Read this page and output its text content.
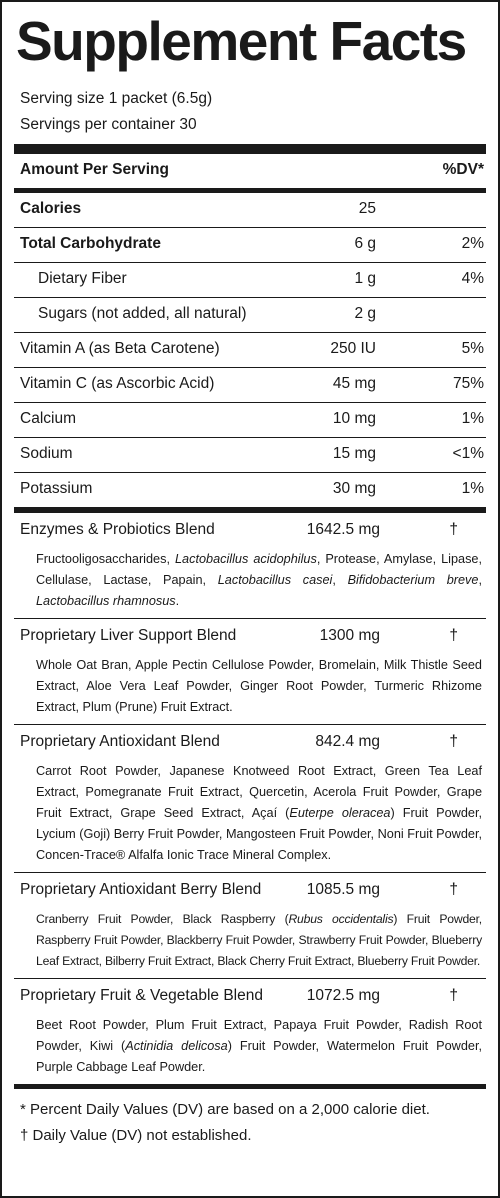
Supplement Facts
Serving size 1 packet (6.5g)
Servings per container 30
Amount Per Serving	%DV*
Calories	25
Total Carbohydrate	6 g	2%
Dietary Fiber	1 g	4%
Sugars (not added, all natural)	2 g
Vitamin A (as Beta Carotene)	250 IU	5%
Vitamin C (as Ascorbic Acid)	45 mg	75%
Calcium	10 mg	1%
Sodium	15 mg	<1%
Potassium	30 mg	1%
Enzymes & Probiotics Blend	1642.5 mg	†
Fructooligosaccharides, Lactobacillus acidophilus, Protease, Amylase, Lipase, Cellulase, Lactase, Papain, Lactobacillus casei, Bifidobacterium breve, Lactobacillus rhamnosus.
Proprietary Liver Support Blend	1300 mg	†
Whole Oat Bran, Apple Pectin Cellulose Powder, Bromelain, Milk Thistle Seed Extract, Aloe Vera Leaf Powder, Ginger Root Powder, Turmeric Rhizome Extract, Plum (Prune) Fruit Extract.
Proprietary Antioxidant Blend	842.4 mg	†
Carrot Root Powder, Japanese Knotweed Root Extract, Green Tea Leaf Extract, Pomegranate Fruit Extract, Quercetin, Acerola Fruit Powder, Grape Fruit Extract, Grape Seed Extract, Açaí (Euterpe oleracea) Fruit Powder, Lycium (Goji) Berry Fruit Powder, Mangosteen Fruit Powder, Noni Fruit Powder, Concen-Trace® Alfalfa Ionic Trace Mineral Complex.
Proprietary Antioxidant Berry Blend	1085.5 mg	†
Cranberry Fruit Powder, Black Raspberry (Rubus occidentalis) Fruit Powder, Raspberry Fruit Powder, Blackberry Fruit Powder, Strawberry Fruit Powder, Blueberry Leaf Extract, Bilberry Fruit Extract, Black Cherry Fruit Extract, Blueberry Fruit Powder.
Proprietary Fruit & Vegetable Blend	1072.5 mg	†
Beet Root Powder, Plum Fruit Extract, Papaya Fruit Powder, Radish Root Powder, Kiwi (Actinidia delicosa) Fruit Powder, Watermelon Fruit Powder, Purple Cabbage Leaf Powder.
* Percent Daily Values (DV) are based on a 2,000 calorie diet.
† Daily Value (DV) not established.
